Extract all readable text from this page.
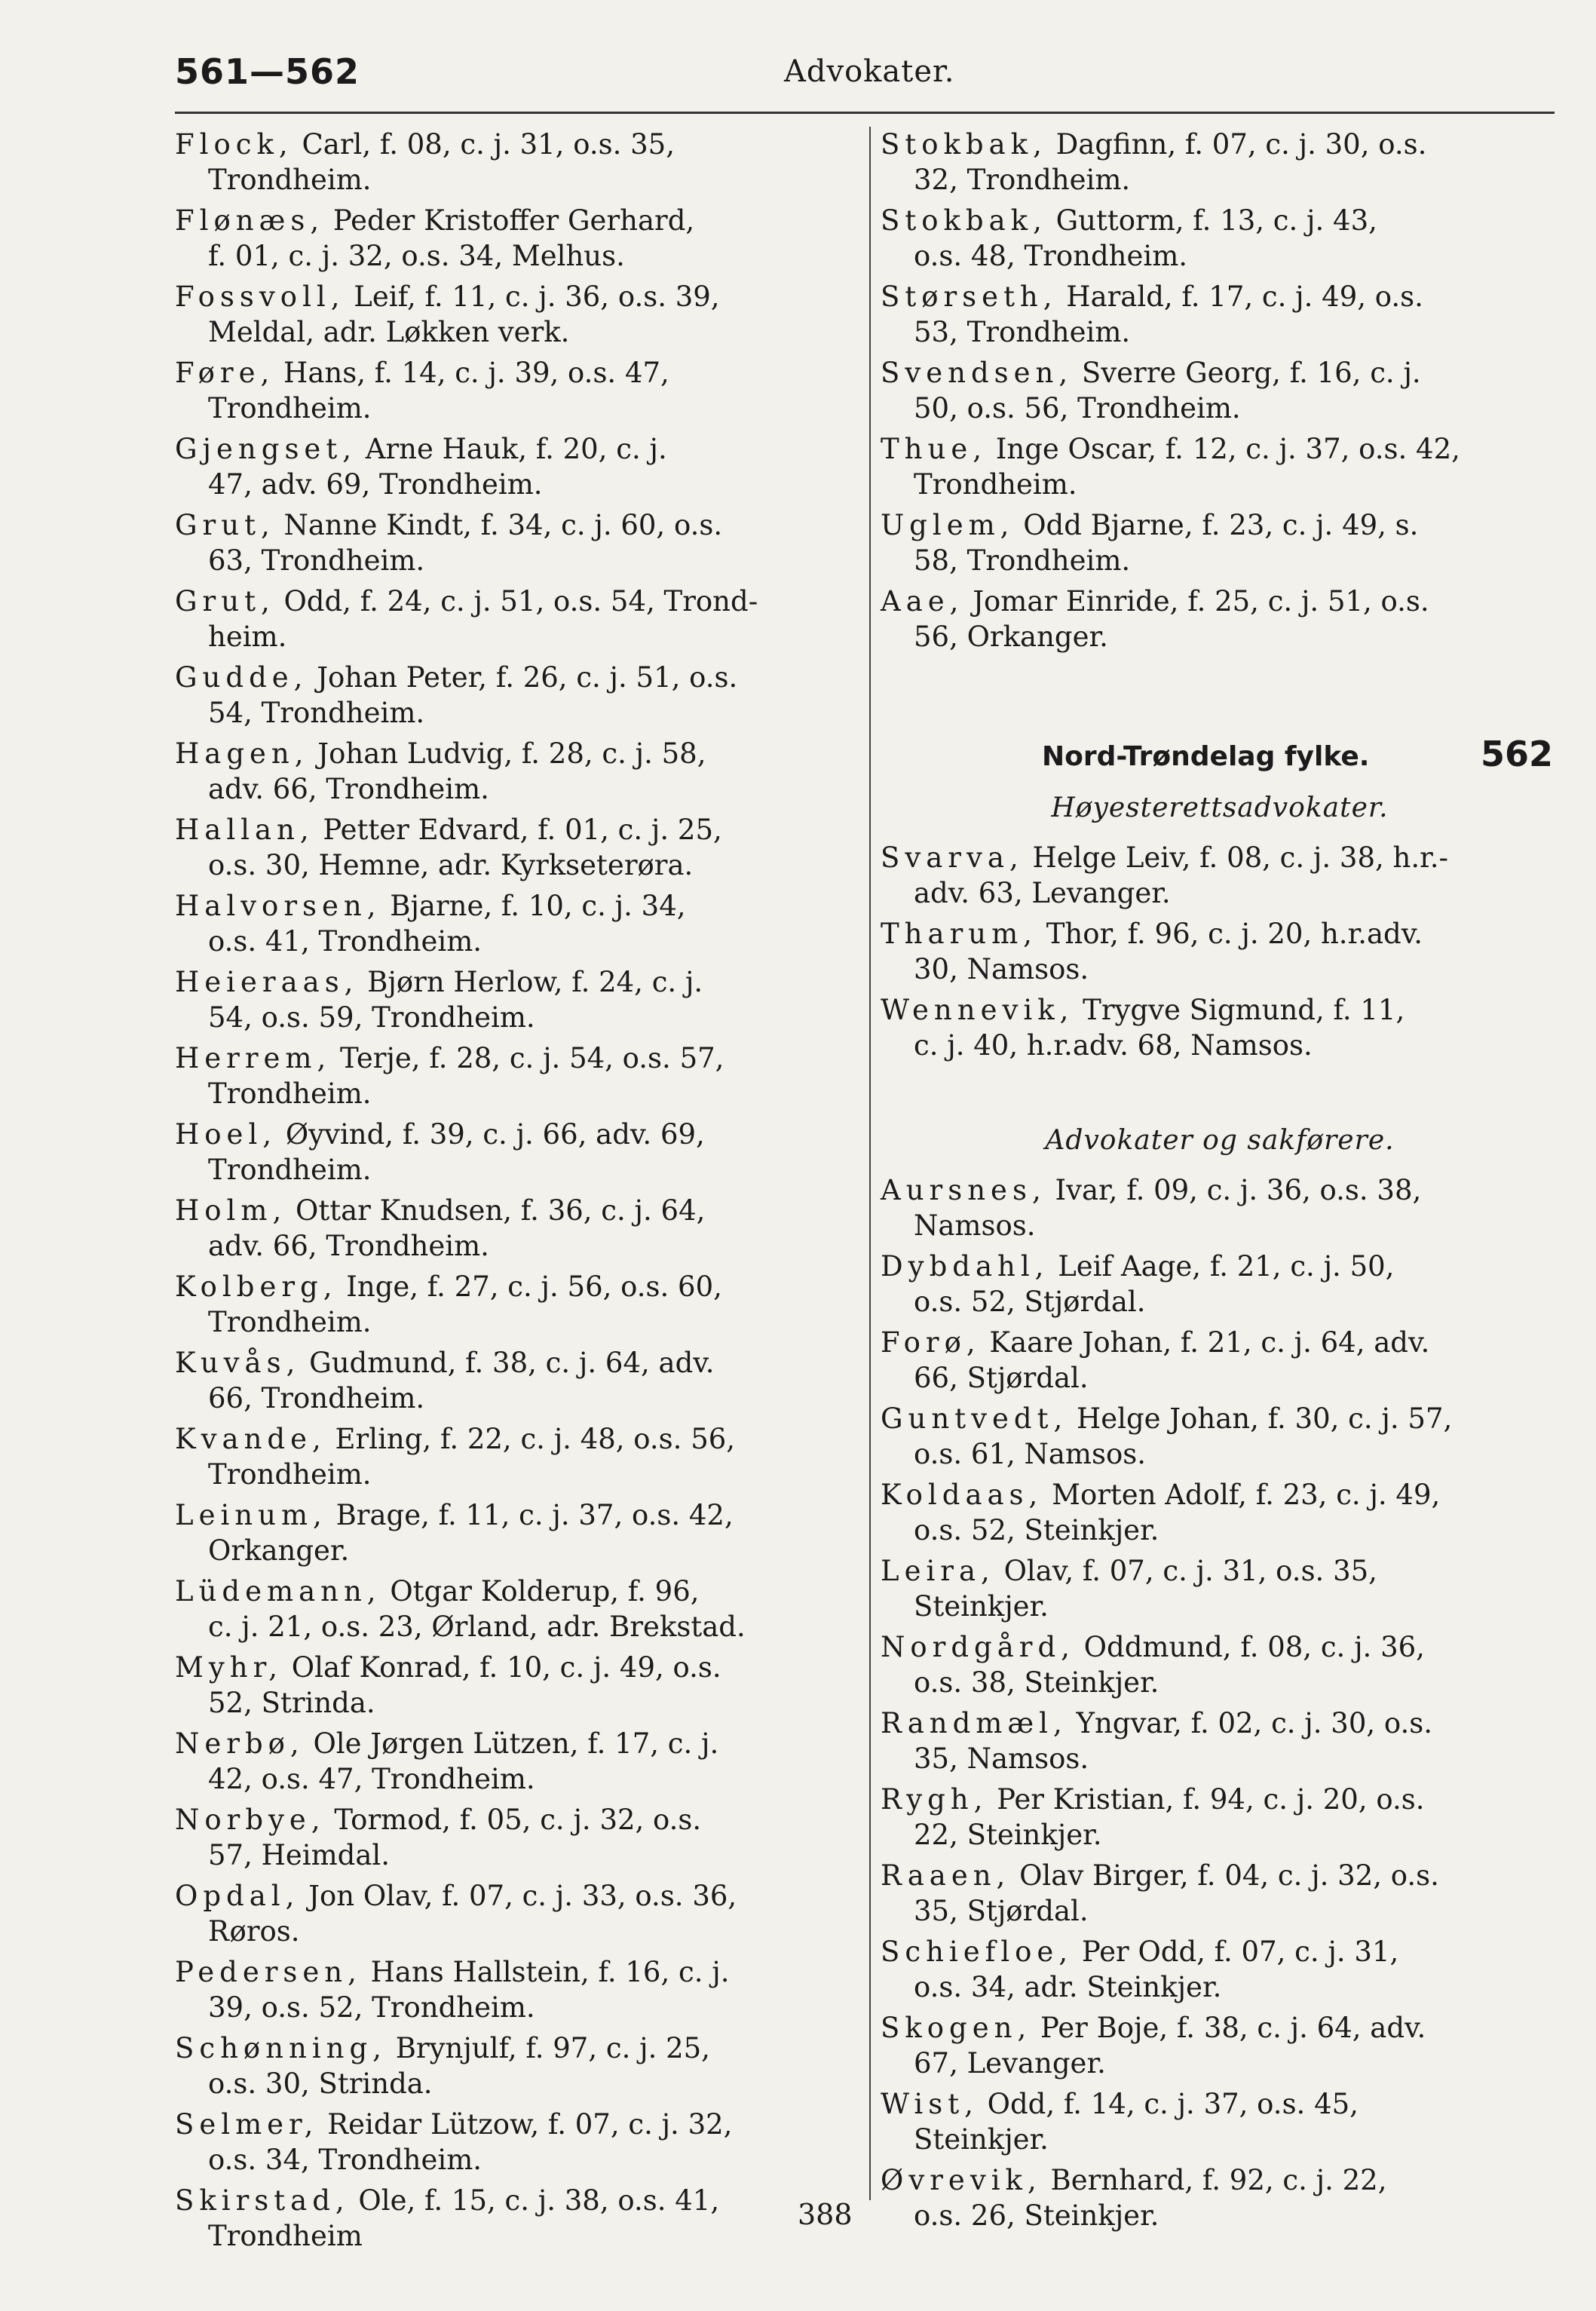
561—562	Advokater.
Flock, Carl, f. 08, c. j. 31, o.s. 35,
Trondheim.
Flønæs, Peder Kristoffer Gerhard,
f. 01, c. j. 32, o.s. 34, Melhus.
Fossvoll, Leif, f. 11, c. j. 36, o.s. 39,
Meldal, adr. Løkken verk.
Føre, Hans, f. 14, c. j. 39, o.s. 47,
Trondheim.
Gjengset, Arne Hauk, f. 20, c. j.
47, adv. 69, Trondheim.
Grut, Nanne Kindt, f. 34, c. j. 60, o.s.
63, Trondheim.
Grut, Odd, f. 24, c. j. 51, o.s. 54, Trond-
heim.
Gudde, Johan Peter, f. 26, c. j. 51, o.s.
54, Trondheim.
Hagen, Johan Ludvig, f. 28, c. j. 58,
adv. 66, Trondheim.
Hallan, Petter Edvard, f. 01, c. j. 25,
o.s. 30, Hemne, adr. Kyrkseterøra.
Halvorsen, Bjarne, f. 10, c. j. 34,
o.s. 41, Trondheim.
Heieraas, Bjørn Herlow, f. 24, c. j.
54, o.s. 59, Trondheim.
Herrem, Terje, f. 28, c. j. 54, o.s. 57,
Trondheim.
Hoel, Øyvind, f. 39, c. j. 66, adv. 69,
Trondheim.
Holm, Ottar Knudsen, f. 36, c. j. 64,
adv. 66, Trondheim.
Kolberg, Inge, f. 27, c. j. 56, o.s. 60,
Trondheim.
Kuvås, Gudmund, f. 38, c. j. 64, adv.
66, Trondheim.
Kvande, Erling, f. 22, c. j. 48, o.s. 56,
Trondheim.
Leinum, Brage, f. 11, c. j. 37, o.s. 42,
Orkanger.
Lüdemann, Otgar Kolderup, f. 96,
c. j. 21, o.s. 23, Ørland, adr. Brekstad.
Myhr, Olaf Konrad, f. 10, c. j. 49, o.s.
52, Strinda.
Nerbø, Ole Jørgen Lützen, f. 17, c. j.
42, o.s. 47, Trondheim.
Norbye, Tormod, f. 05, c. j. 32, o.s.
57, Heimdal.
Opdal, Jon Olav, f. 07, c. j. 33, o.s. 36,
Røros.
Pedersen, Hans Hallstein, f. 16, c. j.
39, o.s. 52, Trondheim.
Schønning, Brynjulf, f. 97, c. j. 25,
o.s. 30, Strinda.
Selmer, Reidar Lützow, f. 07, c. j. 32,
o.s. 34, Trondheim.
Skirstad, Ole, f. 15, c. j. 38, o.s. 41,
Trondheim
Stokbak, Dagfinn, f. 07, c. j. 30, o.s.
32, Trondheim.
Stokbak, Guttorm, f. 13, c. j. 43,
o.s. 48, Trondheim.
Størseth, Harald, f. 17, c. j. 49, o.s.
53, Trondheim.
Svendsen, Sverre Georg, f. 16, c. j.
50, o.s. 56, Trondheim.
Thue, Inge Oscar, f. 12, c. j. 37, o.s. 42,
Trondheim.
Uglem, Odd Bjarne, f. 23, c. j. 49, s.
58, Trondheim.
Aae, Jomar Einride, f. 25, c. j. 51, o.s.
56, Orkanger.
Nord-Trøndelag fylke.	562
Høyesterettsadvokater.
Svarva, Helge Leiv, f. 08, c. j. 38, h.r.-
adv. 63, Levanger.
Tharum, Thor, f. 96, c. j. 20, h.r.adv.
30, Namsos.
Wennevik, Trygve Sigmund, f. 11,
c. j. 40, h.r.adv. 68, Namsos.
Advokater og sakførere.
Aursnes, Ivar, f. 09, c. j. 36, o.s. 38,
Namsos.
Dybdahl, Leif Aage, f. 21, c. j. 50,
o.s. 52, Stjørdal.
Forø, Kaare Johan, f. 21, c. j. 64, adv.
66, Stjørdal.
Guntvedt, Helge Johan, f. 30, c. j. 57,
o.s. 61, Namsos.
Koldaas, Morten Adolf, f. 23, c. j. 49,
o.s. 52, Steinkjer.
Leira, Olav, f. 07, c. j. 31, o.s. 35,
Steinkjer.
Nordgård, Oddmund, f. 08, c. j. 36,
o.s. 38, Steinkjer.
Randmæl, Yngvar, f. 02, c. j. 30, o.s.
35, Namsos.
Rygh, Per Kristian, f. 94, c. j. 20, o.s.
22, Steinkjer.
Raaen, Olav Birger, f. 04, c. j. 32, o.s.
35, Stjørdal.
Schiefloe, Per Odd, f. 07, c. j. 31,
o.s. 34, adr. Steinkjer.
Skogen, Per Boje, f. 38, c. j. 64, adv.
67, Levanger.
Wist, Odd, f. 14, c. j. 37, o.s. 45,
Steinkjer.
Øvrevik, Bernhard, f. 92, c. j. 22,
o.s. 26, Steinkjer.
388
